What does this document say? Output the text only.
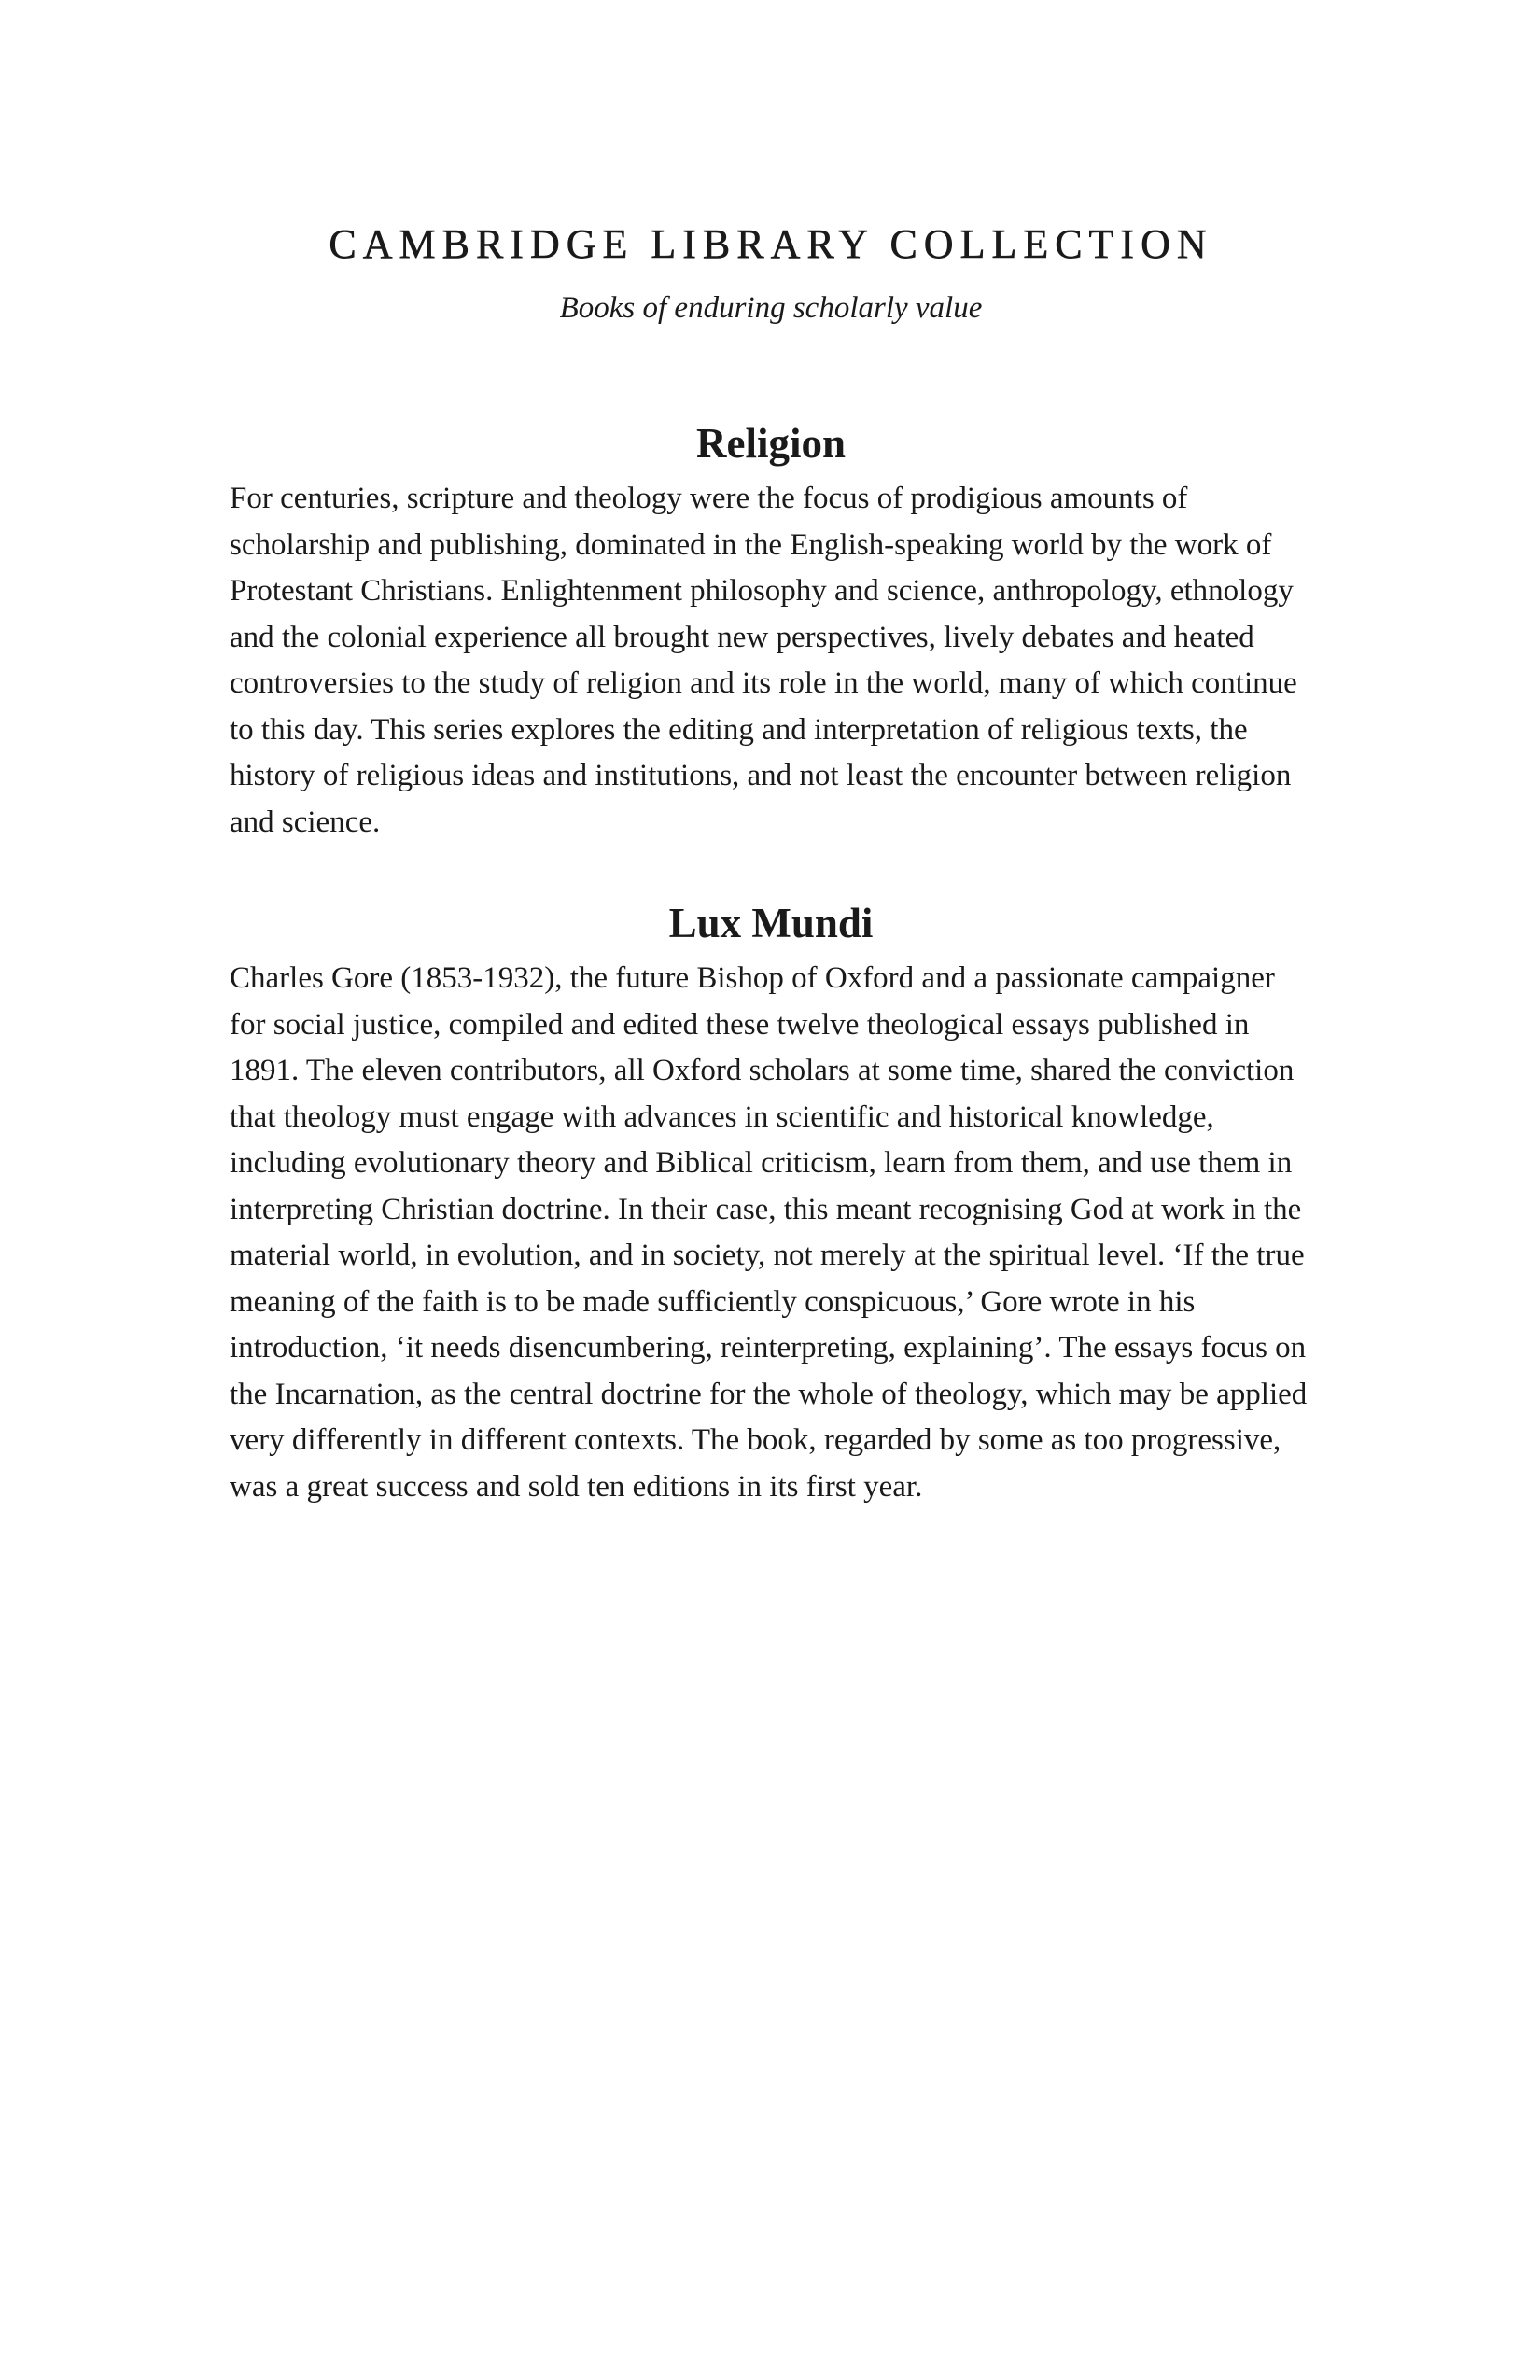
CAMBRIDGE LIBRARY COLLECTION

Books of enduring scholarly value

Religion

For centuries, scripture and theology were the focus of prodigious amounts of scholarship and publishing, dominated in the English-speaking world by the work of Protestant Christians. Enlightenment philosophy and science, anthropology, ethnology and the colonial experience all brought new perspectives, lively debates and heated controversies to the study of religion and its role in the world, many of which continue to this day. This series explores the editing and interpretation of religious texts, the history of religious ideas and institutions, and not least the encounter between religion and science.

Lux Mundi

Charles Gore (1853-1932), the future Bishop of Oxford and a passionate campaigner for social justice, compiled and edited these twelve theological essays published in 1891. The eleven contributors, all Oxford scholars at some time, shared the conviction that theology must engage with advances in scientific and historical knowledge, including evolutionary theory and Biblical criticism, learn from them, and use them in interpreting Christian doctrine. In their case, this meant recognising God at work in the material world, in evolution, and in society, not merely at the spiritual level. ‘If the true meaning of the faith is to be made sufficiently conspicuous,’ Gore wrote in his introduction, ‘it needs disencumbering, reinterpreting, explaining’. The essays focus on the Incarnation, as the central doctrine for the whole of theology, which may be applied very differently in different contexts. The book, regarded by some as too progressive, was a great success and sold ten editions in its first year.
